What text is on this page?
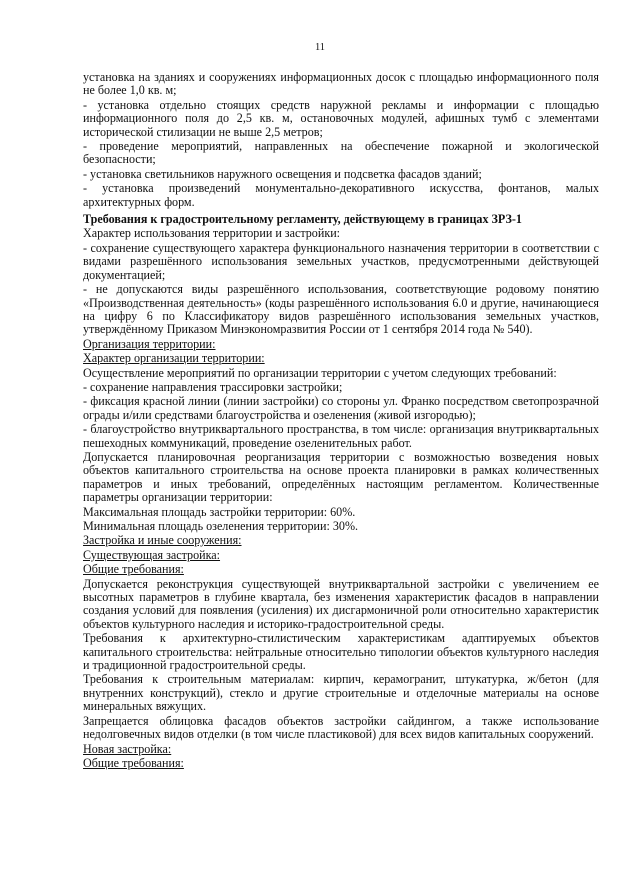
11

установка на зданиях и сооружениях информационных досок с площадью информационного поля не более 1,0 кв. м;

- установка отдельно стоящих средств наружной рекламы и информации с площадью информационного поля до 2,5 кв. м, остановочных модулей, афишных тумб с элементами исторической стилизации не выше 2,5 метров;

- проведение мероприятий, направленных на обеспечение пожарной и экологической безопасности;

- установка светильников наружного освещения и подсветка фасадов зданий;

- установка произведений монументально-декоративного искусства, фонтанов, малых архитектурных форм.

Требования к градостроительному регламенту, действующему в границах ЗРЗ-1

Характер использования территории и застройки:

- сохранение существующего характера функционального назначения территории в соответствии с видами разрешённого использования земельных участков, предусмотренными действующей документацией;

- не допускаются виды разрешённого использования, соответствующие родовому понятию «Производственная деятельность» (коды разрешённого использования 6.0 и другие, начинающиеся на цифру 6 по Классификатору видов разрешённого использования земельных участков, утверждённому Приказом Минэкономразвития России от 1 сентября 2014 года № 540).

Организация территории:

Характер организации территории:

Осуществление мероприятий по организации территории с учетом следующих требований:

- сохранение направления трассировки застройки;

- фиксация красной линии (линии застройки) со стороны ул. Франко посредством светопрозрачной ограды и/или средствами благоустройства и озеленения (живой изгородью);

- благоустройство внутриквартального пространства, в том числе: организация внутриквартальных пешеходных коммуникаций, проведение озеленительных работ.

Допускается планировочная реорганизация территории с возможностью возведения новых объектов капитального строительства на основе проекта планировки в рамках количественных параметров и иных требований, определённых настоящим регламентом. Количественные параметры организации территории:

Максимальная площадь застройки территории: 60%.

Минимальная площадь озеленения территории: 30%.

Застройка и иные сооружения:

Существующая застройка:

Общие требования:

Допускается реконструкция существующей внутриквартальной застройки с увеличением ее высотных параметров в глубине квартала, без изменения характеристик фасадов в направлении создания условий для появления (усиления) их дисгармоничной роли относительно характеристик объектов культурного наследия и историко-градостроительной среды.

Требования к архитектурно-стилистическим характеристикам адаптируемых объектов капитального строительства: нейтральные относительно типологии объектов культурного наследия и традиционной градостроительной среды.

Требования к строительным материалам: кирпич, керамогранит, штукатурка, ж/бетон (для внутренних конструкций), стекло и другие строительные и отделочные материалы на основе минеральных вяжущих.

Запрещается облицовка фасадов объектов застройки сайдингом, а также использование недолговечных видов отделки (в том числе пластиковой) для всех видов капитальных сооружений.

Новая застройка:

Общие требования:
